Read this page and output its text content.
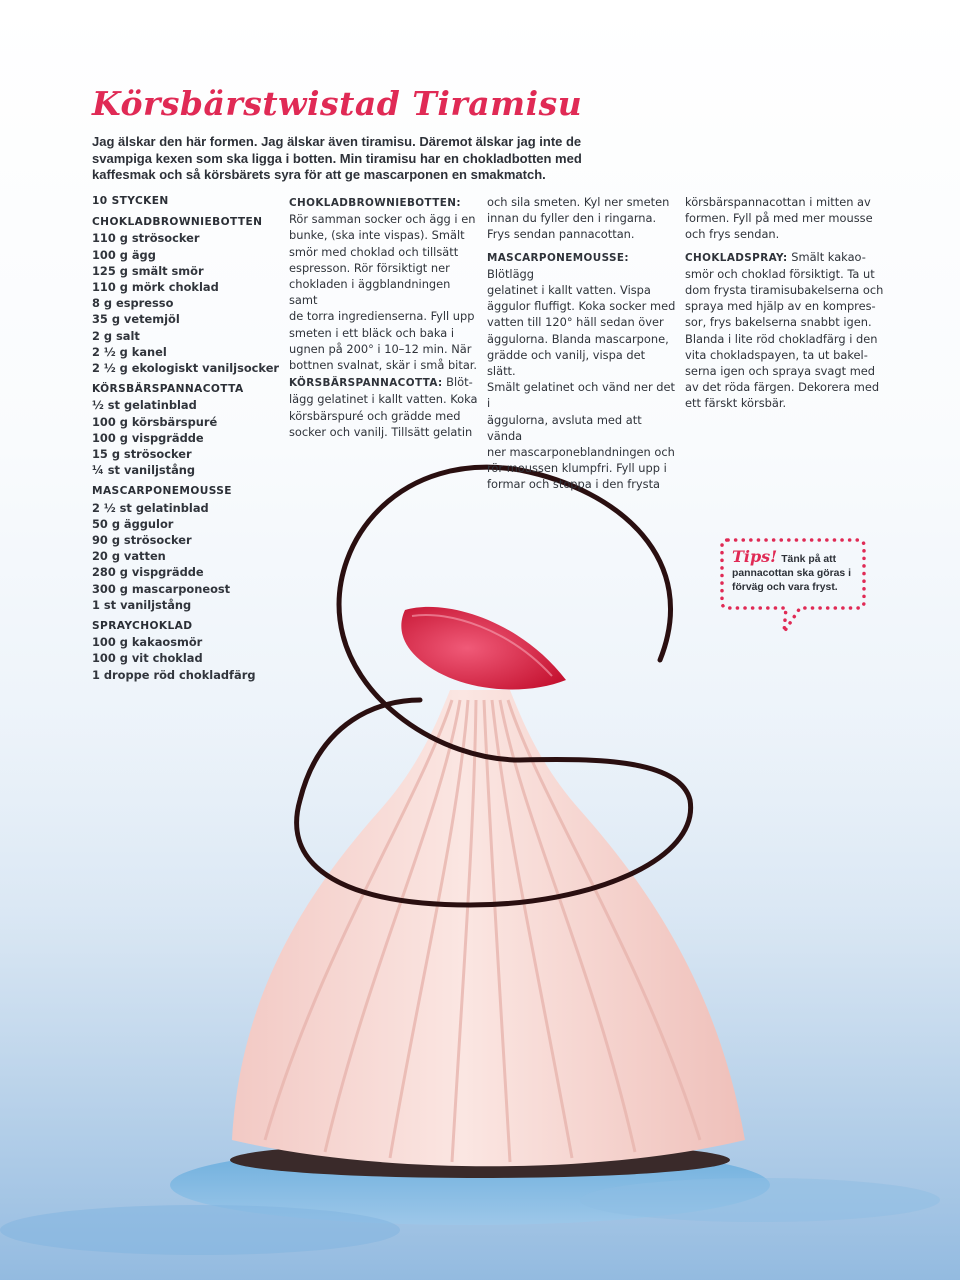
Körsbärstwistad Tiramisu

Jag älskar den här formen. Jag älskar även tiramisu. Däremot älskar jag inte de svampiga kexen som ska ligga i botten. Min tiramisu har en chokladbotten med kaffesmak och så körsbärets syra för att ge mascarponen en smakmatch.

10 STYCKEN
CHOKLADBROWNIEBOTTEN
110 g strösocker
100 g ägg
125 g smält smör
110 g mörk choklad
8 g espresso
35 g vetemjöl
2 g salt
2 ½ g kanel
2 ½ g ekologiskt vaniljsocker
KÖRSBÄRSPANNACOTTA
½ st gelatinblad
100 g körsbärspuré
100 g vispgrädde
15 g strösocker
¼ st vaniljstång
MASCARPONEMOUSSE
2 ½ st gelatinblad
50 g äggulor
90 g strösocker
20 g vatten
280 g vispgrädde
300 g mascarponeost
1 st vaniljstång
SPRAYCHOKLAD
100 g kakaosmör
100 g vit choklad
1 droppe röd chokladfärg

CHOKLADBROWNIEBOTTEN:
Rör samman socker och ägg i en
bunke, (ska inte vispas). Smält
smör med choklad och tillsätt
espresson. Rör försiktigt ner
chokladen i äggblandningen samt
de torra ingredienserna. Fyll upp
smeten i ett bläck och baka i
ugnen på 200° i 10–12 min. När
bottnen svalnat, skär i små bitar.

KÖRSBÄRSPANNACOTTA: Blöt-
lägg gelatinet i kallt vatten. Koka
körsbärspuré och grädde med
socker och vanilj. Tillsätt gelatin

och sila smeten. Kyl ner smeten
innan du fyller den i ringarna.
Frys sendan pannacottan.

MASCARPONEMOUSSE: Blötlägg
gelatinet i kallt vatten. Vispa
äggulor fluffigt. Koka socker med
vatten till 120° häll sedan över
äggulorna. Blanda mascarpone,
grädde och vanilj, vispa det slätt.
Smält gelatinet och vänd ner det i
äggulorna, avsluta med att vända
ner mascarponeblandningen och
rör moussen klumpfri. Fyll upp i
formar och stoppa i den frysta

körsbärspannacottan i mitten av
formen. Fyll på med mer mousse
och frys sendan.

CHOKLADSPRAY: Smält kakao-
smör och choklad försiktigt. Ta ut
dom frysta tiramisubakelserna och
spraya med hjälp av en kompres-
sor, frys bakelserna snabbt igen.
Blanda i lite röd chokladfärg i den
vita chokladspayen, ta ut bakel-
serna igen och spraya svagt med
av det röda färgen. Dekorera med
ett färskt körsbär.

Tips! Tänk på att pannacottan ska göras i förväg och vara fryst.
